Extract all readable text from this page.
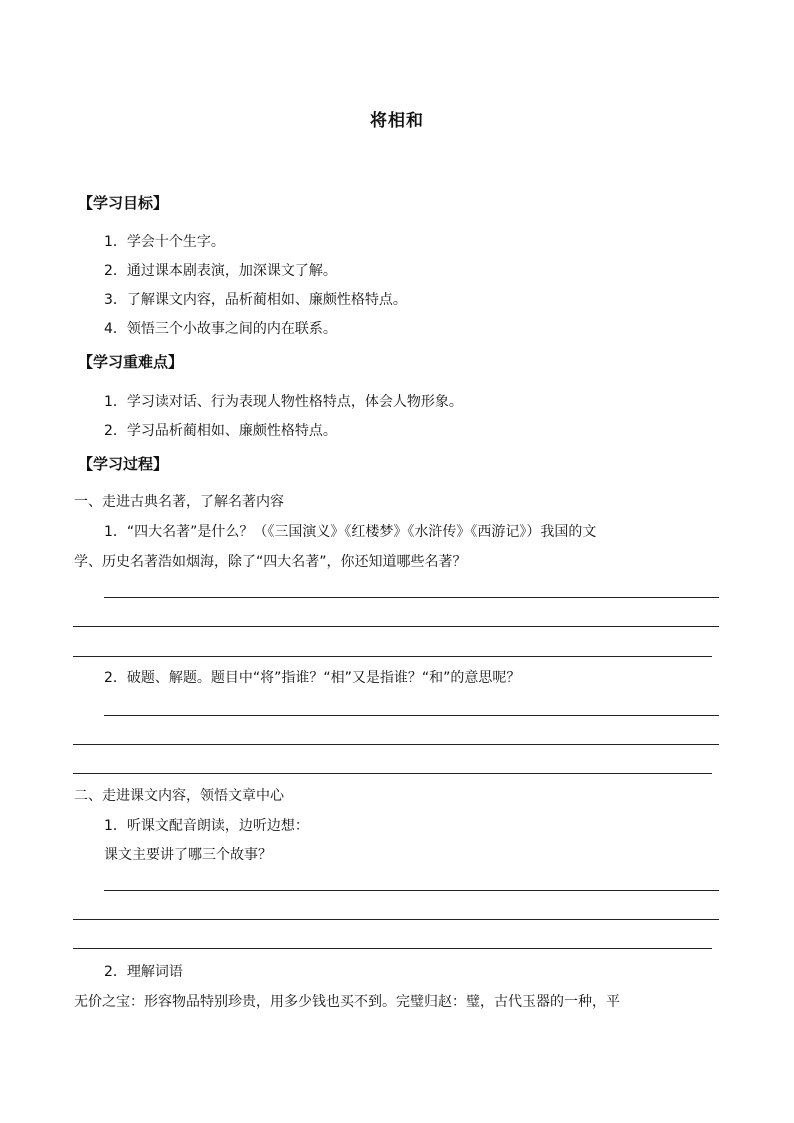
将相和
【学习目标】
1．学会十个生字。
2．通过课本剧表演，加深课文了解。
3．了解课文内容，品析蔺相如、廉颇性格特点。
4．领悟三个小故事之间的内在联系。
【学习重难点】
1．学习读对话、行为表现人物性格特点，体会人物形象。
2．学习品析蔺相如、廉颇性格特点。
【学习过程】
一、走进古典名著，了解名著内容
1．“四大名著”是什么？（《三国演义》《红楼梦》《水浒传》《西游记》）我国的文
学、历史名著浩如烟海，除了“四大名著”，你还知道哪些名著？
2．破题、解题。题目中“将”指谁？“相”又是指谁？“和”的意思呢？
二、走进课文内容，领悟文章中心
1．听课文配音朗读，边听边想：
课文主要讲了哪三个故事？
2．理解词语
无价之宝：形容物品特别珍贵，用多少钱也买不到。完璧归赵：璧，古代玉器的一种，平
